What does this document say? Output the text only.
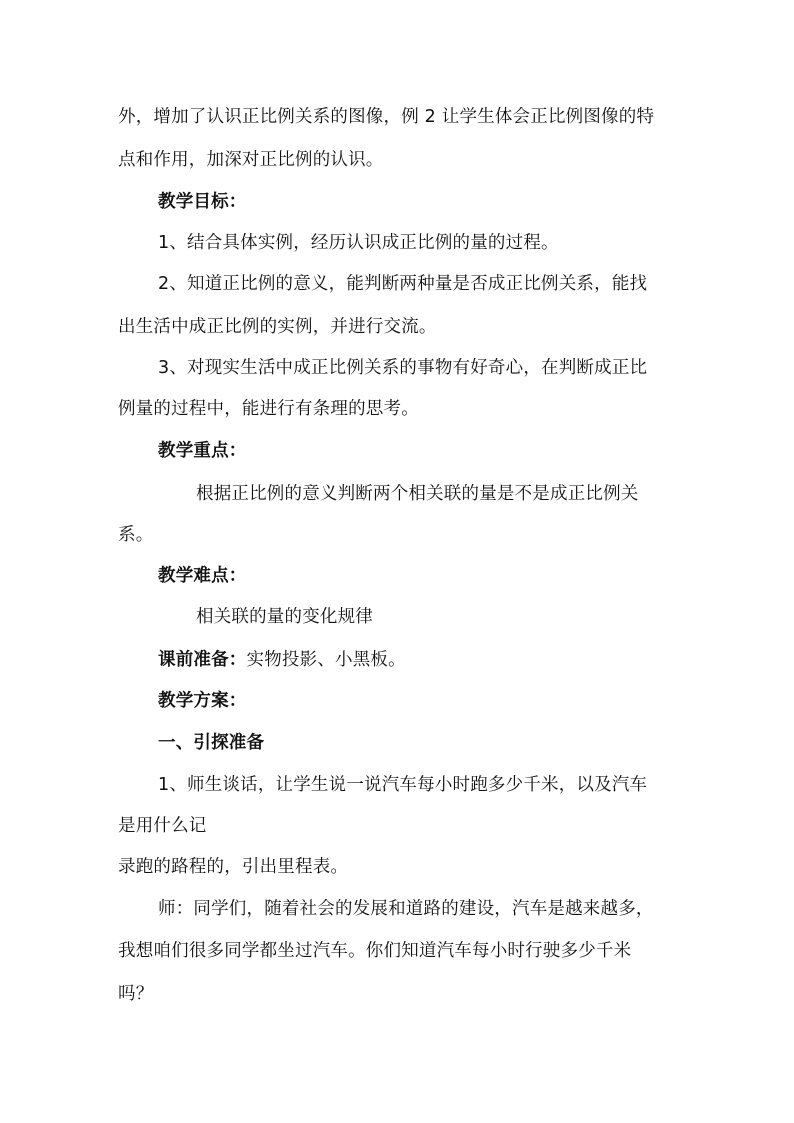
外，增加了认识正比例关系的图像，例 2 让学生体会正比例图像的特
点和作用，加深对正比例的认识。
教学目标：
1、结合具体实例，经历认识成正比例的量的过程。
2、知道正比例的意义，能判断两种量是否成正比例关系，能找
出生活中成正比例的实例，并进行交流。
3、对现实生活中成正比例关系的事物有好奇心，在判断成正比
例量的过程中，能进行有条理的思考。
教学重点：
根据正比例的意义判断两个相关联的量是不是成正比例关
系。
教学难点：
相关联的量的变化规律
课前准备：实物投影、小黑板。
教学方案：
一、引探准备
1、师生谈话，让学生说一说汽车每小时跑多少千米，以及汽车
是用什么记
录跑的路程的，引出里程表。
师：同学们，随着社会的发展和道路的建设，汽车是越来越多，
我想咱们很多同学都坐过汽车。你们知道汽车每小时行驶多少千米
吗？
